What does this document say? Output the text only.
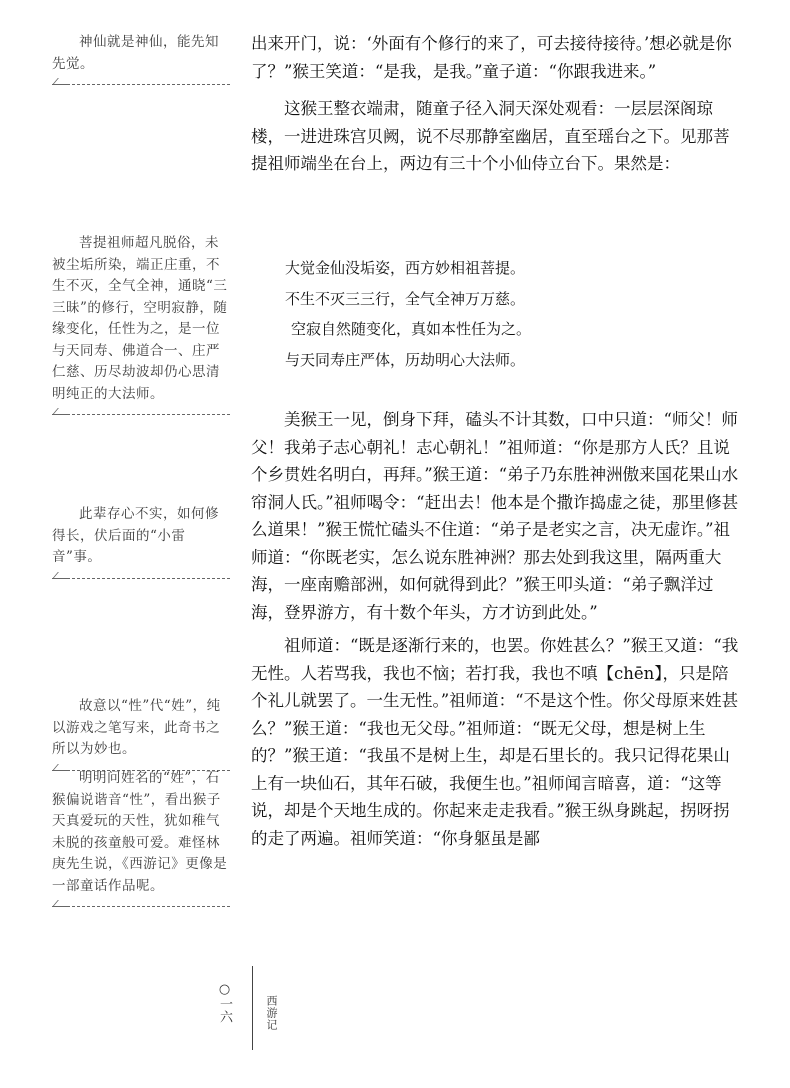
神仙就是神仙，能先知先觉。

菩提祖师超凡脱俗，未被尘垢所染，端正庄重，不生不灭，全气全神，通晓“三三昧”的修行，空明寂静，随缘变化，任性为之，是一位与天同寿、佛道合一、庄严仁慈、历尽劫波却仍心思清明纯正的大法师。

此辈存心不实，如何修得长，伏后面的“小雷音”事。

故意以“性”代“姓”，纯以游戏之笔写来，此奇书之所以为妙也。

明明问姓名的“姓”，石猴偏说谐音“性”，看出猴子天真爱玩的天性，犹如稚气未脱的孩童般可爱。难怪林庚先生说，《西游记》更像是一部童话作品呢。

出来开门，说：‘外面有个修行的来了，可去接待接待。’想必就是你了？”猴王笑道：“是我，是我。”童子道：“你跟我进来。”

这猴王整衣端肃，随童子径入洞天深处观看：一层层深阁琼楼，一进进珠宫贝阙，说不尽那静室幽居，直至瑶台之下。见那菩提祖师端坐在台上，两边有三十个小仙侍立台下。果然是：

大觉金仙没垢姿，西方妙相祖菩提。
不生不灭三三行，全气全神万万慈。
空寂自然随变化，真如本性任为之。
与天同寿庄严体，历劫明心大法师。

美猴王一见，倒身下拜，磕头不计其数，口中只道：“师父！师父！我弟子志心朝礼！志心朝礼！”祖师道：“你是那方人氏？且说个乡贯姓名明白，再拜。”猴王道：“弟子乃东胜神洲傲来国花果山水帘洞人氏。”祖师喝令：“赶出去！他本是个撒诈捣虚之徒，那里修甚么道果！”猴王慌忙磕头不住道：“弟子是老实之言，决无虚诈。”祖师道：“你既老实，怎么说东胜神洲？那去处到我这里，隔两重大海，一座南赡部洲，如何就得到此？”猴王叩头道：“弟子飘洋过海，登界游方，有十数个年头，方才访到此处。”

祖师道：“既是逐渐行来的，也罢。你姓甚么？”猴王又道：“我无性。人若骂我，我也不恼；若打我，我也不嗔【chēn】，只是陪个礼儿就罢了。一生无性。”祖师道：“不是这个性。你父母原来姓甚么？”猴王道：“我也无父母。”祖师道：“既无父母，想是树上生的？”猴王道：“我虽不是树上生，却是石里长的。我只记得花果山上有一块仙石，其年石破，我便生也。”祖师闻言暗喜，道：“这等说，却是个天地生成的。你起来走走我看。”猴王纵身跳起，拐呀拐的走了两遍。祖师笑道：“你身躯虽是鄙

○一六	西游记
